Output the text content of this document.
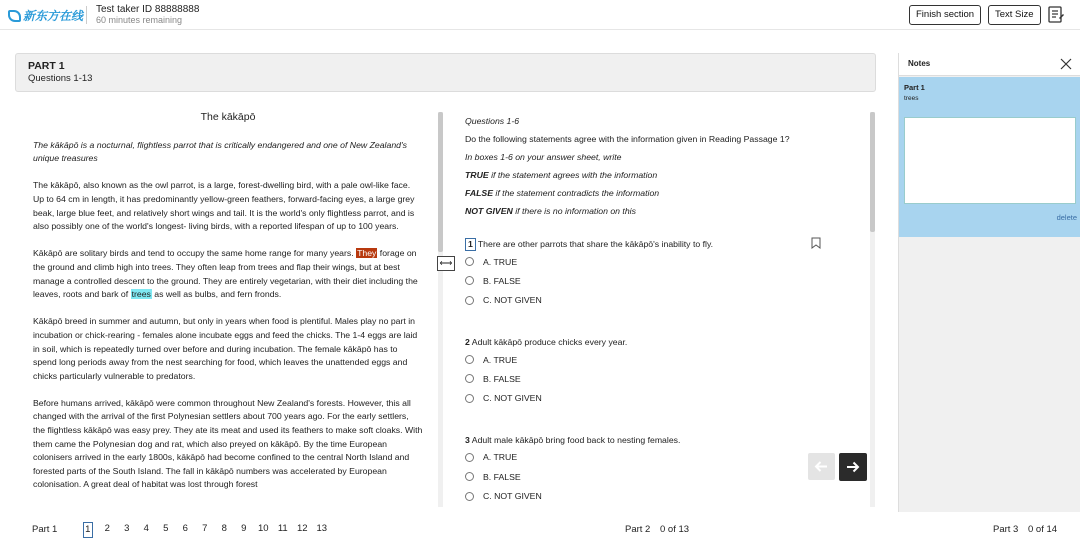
新东方在线 Test taker ID 88888888
60 minutes remaining	Finish section	Text Size
PART 1
Questions 1-13
The kākāpō

The kākāpō is a nocturnal, flightless parrot that is critically endangered and one of New Zealand's unique treasures

The kākāpō, also known as the owl parrot, is a large, forest-dwelling bird, with a pale owl-like face. Up to 64 cm in length, it has predominantly yellow-green feathers, forward-facing eyes, a large grey beak, large blue feet, and relatively short wings and tail. It is the world's only flightless parrot, and is also possibly one of the world's longest- living birds, with a reported lifespan of up to 100 years.

Kākāpō are solitary birds and tend to occupy the same home range for many years. They forage on the ground and climb high into trees. They often leap from trees and flap their wings, but at best manage a controlled descent to the ground. They are entirely vegetarian, with their diet including the leaves, roots and bark of trees as well as bulbs, and fern fronds.

Kākāpō breed in summer and autumn, but only in years when food is plentiful. Males play no part in incubation or chick-rearing - females alone incubate eggs and feed the chicks. The 1-4 eggs are laid in soil, which is repeatedly turned over before and during incubation. The female kākāpō has to spend long periods away from the nest searching for food, which leaves the unattended eggs and chicks particularly vulnerable to predators.

Before humans arrived, kākāpō were common throughout New Zealand's forests. However, this all changed with the arrival of the first Polynesian settlers about 700 years ago. For the early settlers, the flightless kākāpō was easy prey. They ate its meat and used its feathers to make soft cloaks. With them came the Polynesian dog and rat, which also preyed on kākāpō. By the time European colonisers arrived in the early 1800s, kākāpō had become confined to the central North Island and forested parts of the South Island. The fall in kākāpō numbers was accelerated by European colonisation. A great deal of habitat was lost through forest

⟷
Questions 1-6
Do the following statements agree with the information given in Reading Passage 1?
In boxes 1-6 on your answer sheet, write
TRUE if the statement agrees with the information
FALSE if the statement contradicts the information
NOT GIVEN if there is no information on this
1 There are other parrots that share the kākāpō's inability to fly.
A. TRUE
B. FALSE
C. NOT GIVEN
2 Adult kākāpō produce chicks every year.
A. TRUE
B. FALSE
C. NOT GIVEN
3 Adult male kākāpō bring food back to nesting females.
A. TRUE
B. FALSE
C. NOT GIVEN
Notes
Part 1
trees
delete
Part 1	1	2	3	4	5	6	7	8	9	10 11 12 13	Part 2 0 of 13	Part 3 0 of 14
